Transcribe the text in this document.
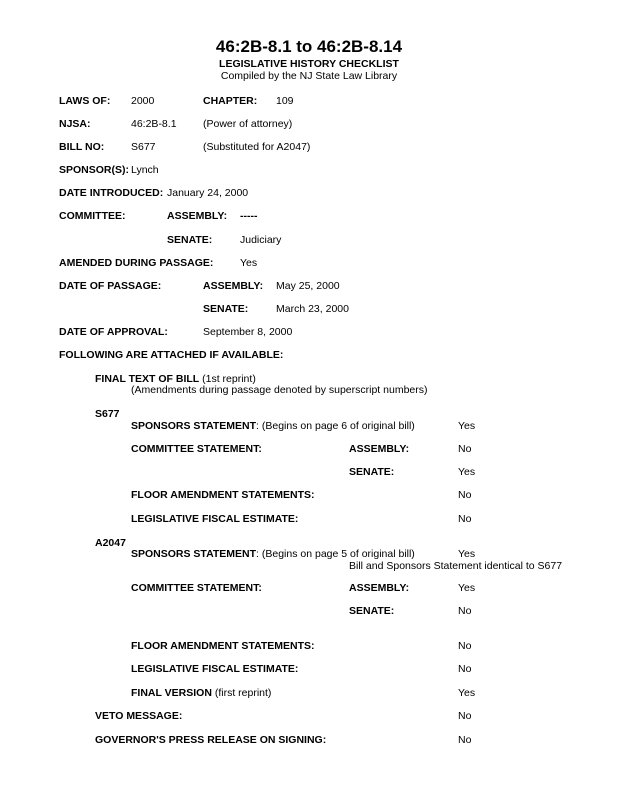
46:2B-8.1 to 46:2B-8.14
LEGISLATIVE HISTORY CHECKLIST
Compiled by the NJ State Law Library
LAWS OF: 2000	CHAPTER: 109
NJSA:	46:2B-8.1	(Power of attorney)
BILL NO:	S677	(Substituted for A2047)
SPONSOR(S): Lynch
DATE INTRODUCED: January 24, 2000
COMMITTEE:	ASSEMBLY: -----
SENATE:	Judiciary
AMENDED DURING PASSAGE:	Yes
DATE OF PASSAGE:	ASSEMBLY: May 25, 2000
SENATE:	March 23, 2000
DATE OF APPROVAL:	September 8, 2000
FOLLOWING ARE ATTACHED IF AVAILABLE:
FINAL TEXT OF BILL (1st reprint)
(Amendments during passage denoted by superscript numbers)
S677
SPONSORS STATEMENT: (Begins on page 6 of original bill)	Yes
COMMITTEE STATEMENT:	ASSEMBLY:	No
SENATE:	Yes
FLOOR AMENDMENT STATEMENTS:	No
LEGISLATIVE FISCAL ESTIMATE:	No
A2047
SPONSORS STATEMENT: (Begins on page 5 of original bill)	Yes
Bill and Sponsors Statement identical to S677
COMMITTEE STATEMENT:	ASSEMBLY:	Yes
SENATE:	No
FLOOR AMENDMENT STATEMENTS:	No
LEGISLATIVE FISCAL ESTIMATE:	No
FINAL VERSION (first reprint)	Yes
VETO MESSAGE:	No
GOVERNOR'S PRESS RELEASE ON SIGNING:	No
